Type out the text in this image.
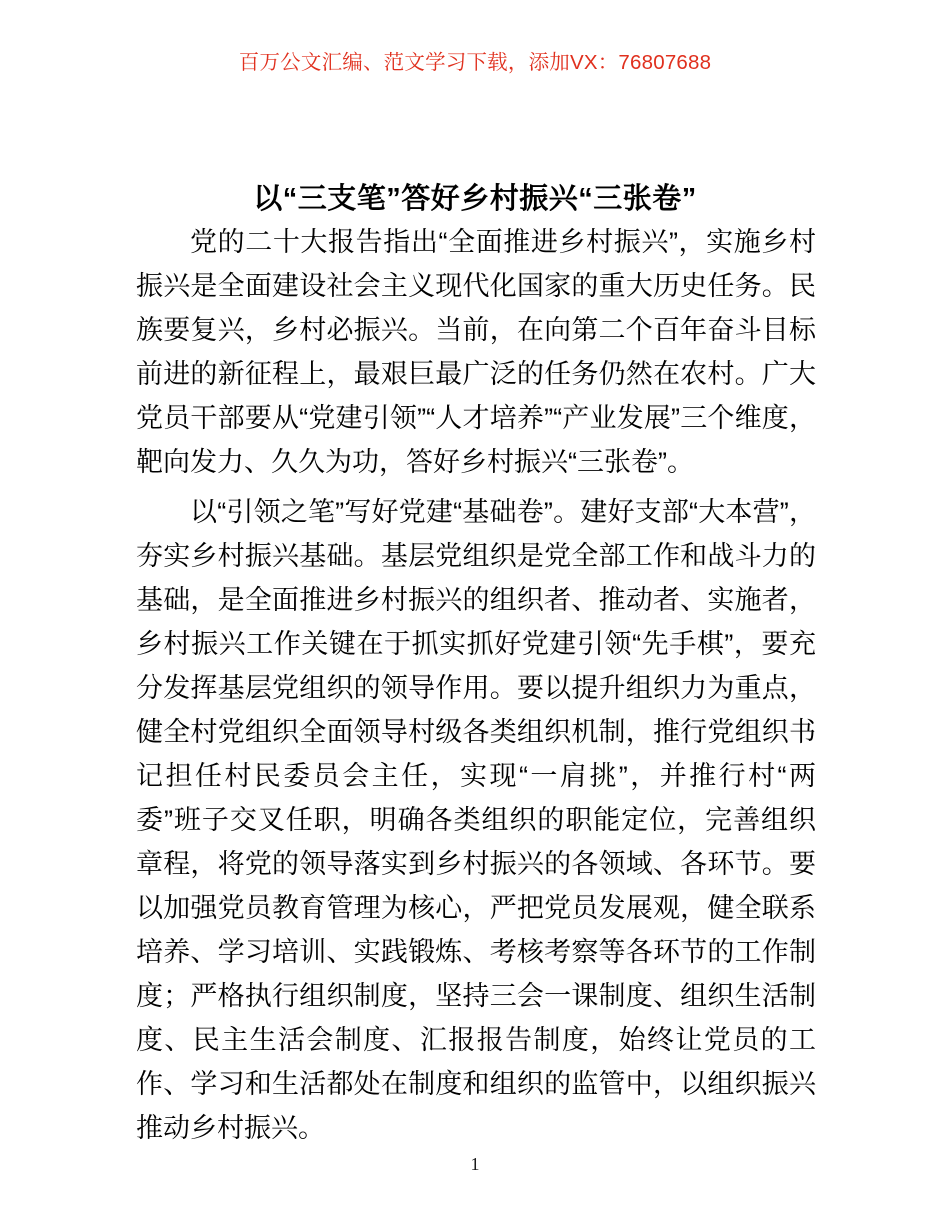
百万公文汇编、范文学习下载，添加VX：76807688
以“三支笔”答好乡村振兴“三张卷”

党的二十大报告指出“全面推进乡村振兴”，实施乡村振兴是全面建设社会主义现代化国家的重大历史任务。民族要复兴，乡村必振兴。当前，在向第二个百年奋斗目标前进的新征程上，最艰巨最广泛的任务仍然在农村。广大党员干部要从“党建引领”“人才培养”“产业发展”三个维度，靶向发力、久久为功，答好乡村振兴“三张卷”。

以“引领之笔”写好党建“基础卷”。建好支部“大本营”，夯实乡村振兴基础。基层党组织是党全部工作和战斗力的基础，是全面推进乡村振兴的组织者、推动者、实施者，乡村振兴工作关键在于抓实抓好党建引领“先手棋”，要充分发挥基层党组织的领导作用。要以提升组织力为重点，健全村党组织全面领导村级各类组织机制，推行党组织书记担任村民委员会主任，实现“一肩挑”，并推行村“两委”班子交叉任职，明确各类组织的职能定位，完善组织章程，将党的领导落实到乡村振兴的各领域、各环节。要以加强党员教育管理为核心，严把党员发展观，健全联系培养、学习培训、实践锻炼、考核考察等各环节的工作制度；严格执行组织制度，坚持三会一课制度、组织生活制度、民主生活会制度、汇报报告制度，始终让党员的工作、学习和生活都处在制度和组织的监管中，以组织振兴推动乡村振兴。

1
